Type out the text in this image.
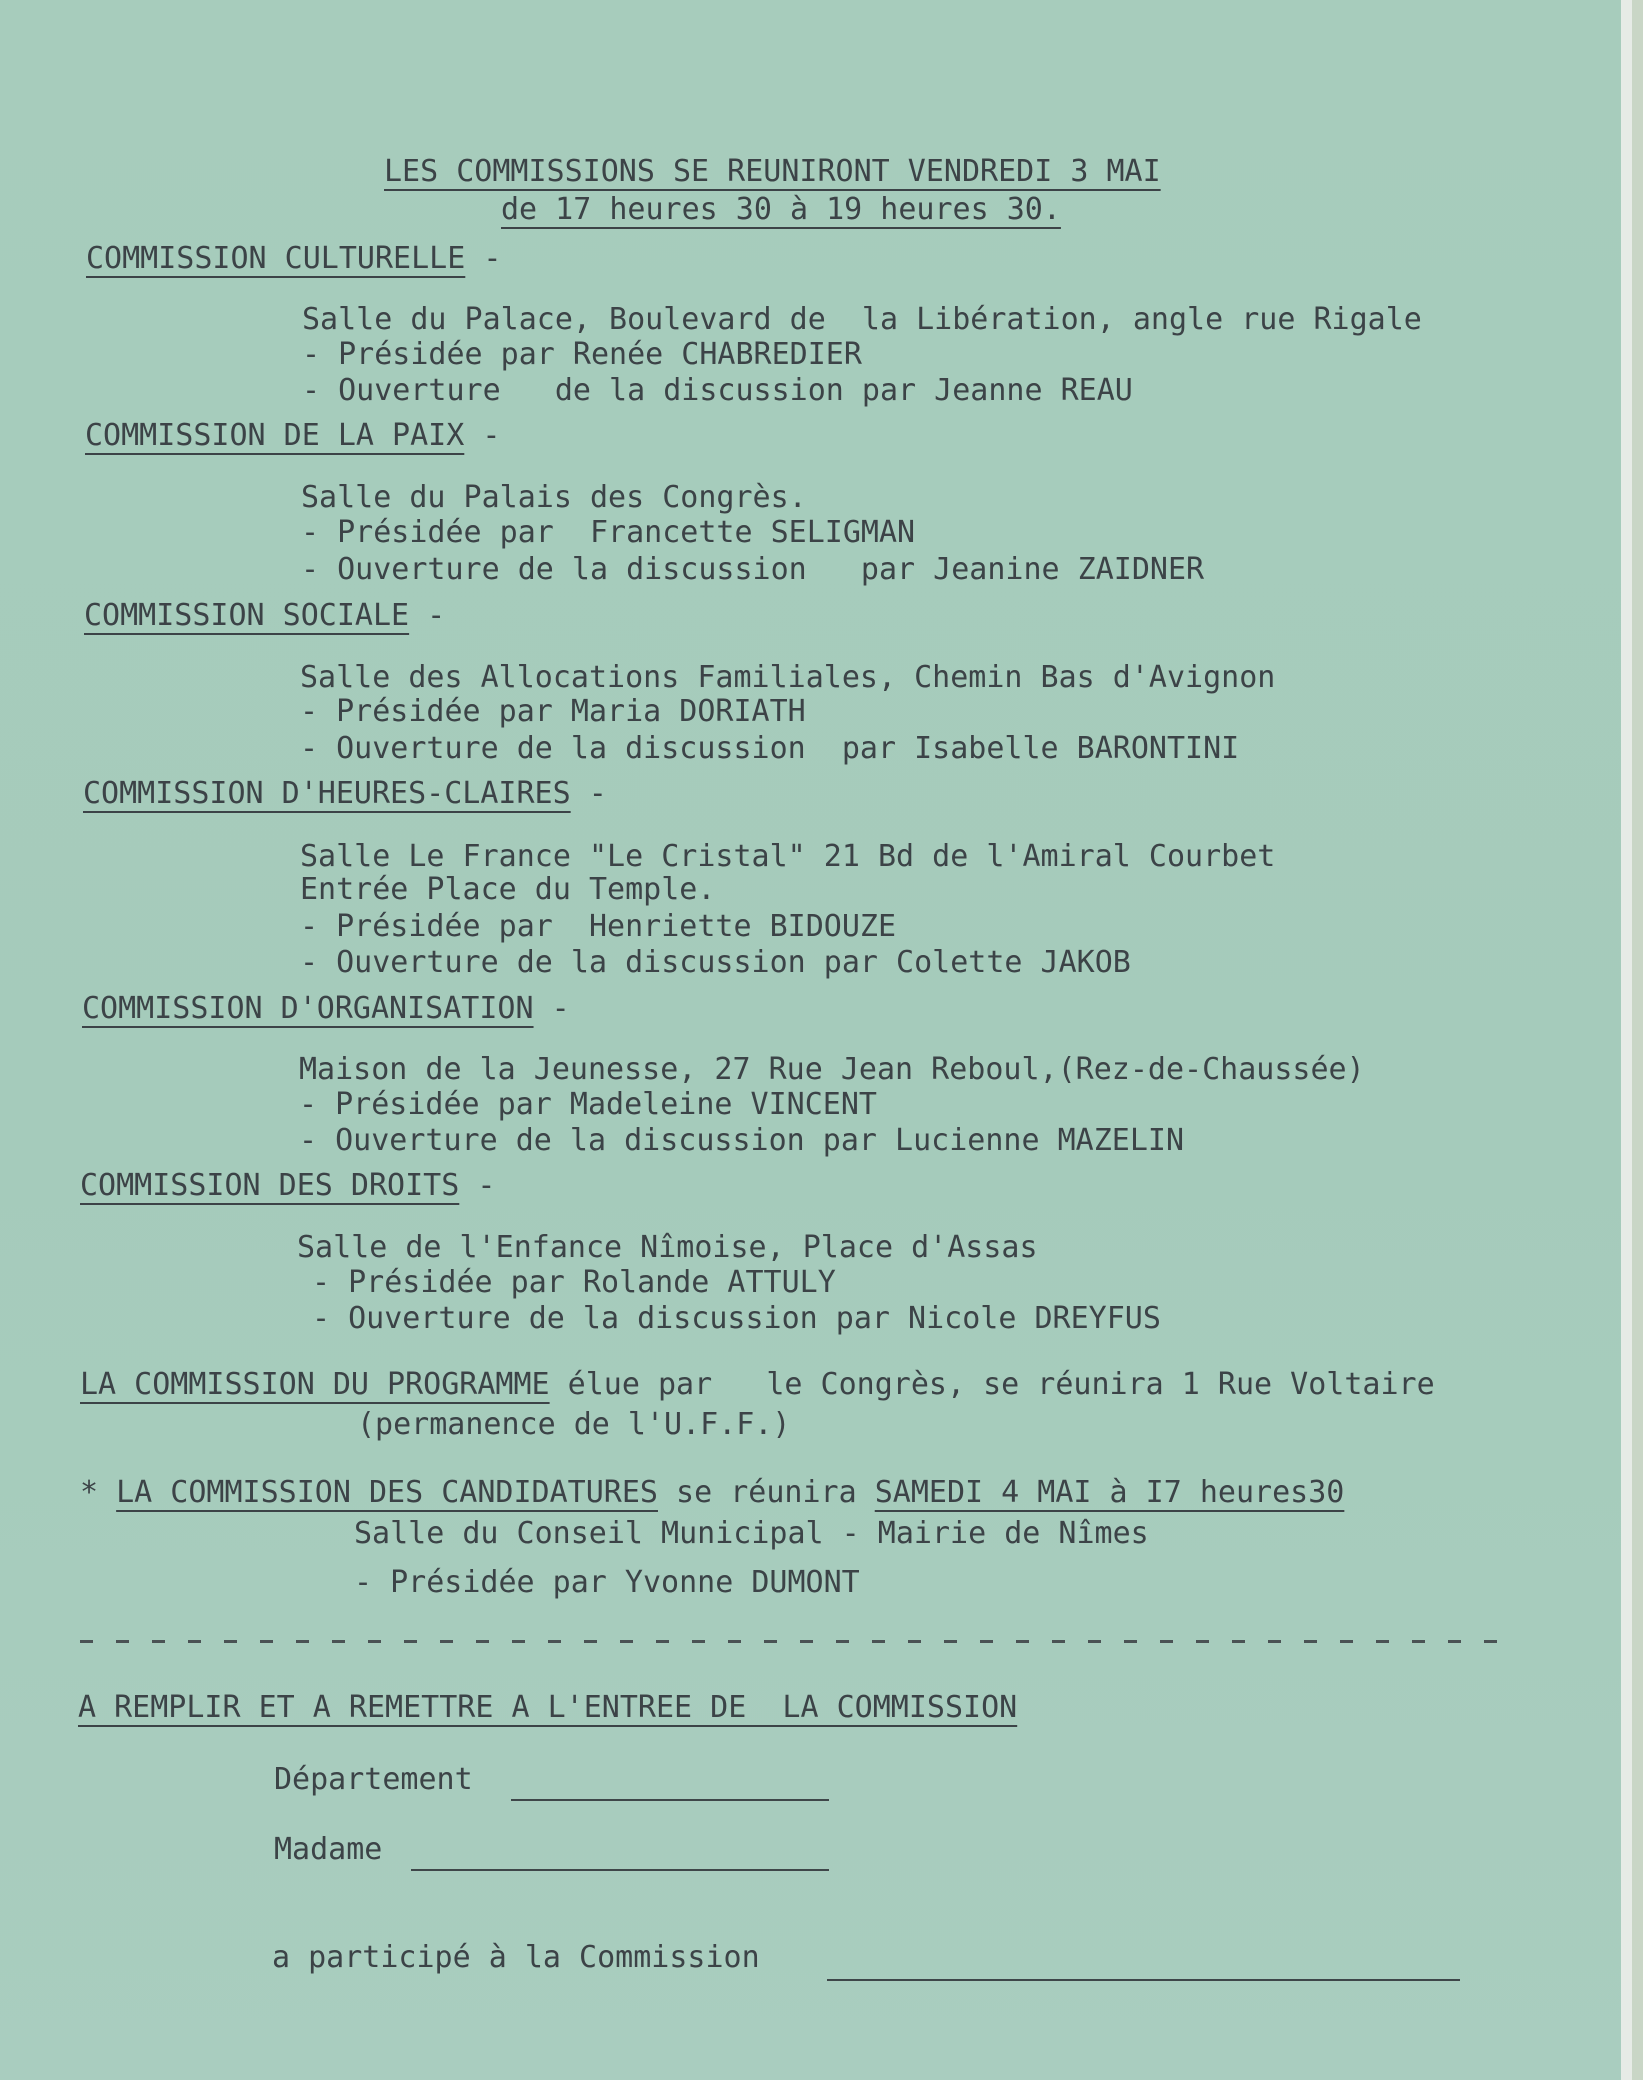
LES COMMISSIONS SE REUNIRONT VENDREDI 3 MAI
de 17 heures 30 à 19 heures 30.
COMMISSION CULTURELLE -
Salle du Palace, Boulevard de  la Libération, angle rue Rigale
- Présidée par Renée CHABREDIER
- Ouverture   de la discussion par Jeanne REAU
COMMISSION DE LA PAIX -
Salle du Palais des Congrès.
- Présidée par  Francette SELIGMAN
- Ouverture de la discussion   par Jeanine ZAIDNER
COMMISSION SOCIALE -
Salle des Allocations Familiales, Chemin Bas d'Avignon
- Présidée par Maria DORIATH
- Ouverture de la discussion  par Isabelle BARONTINI
COMMISSION D'HEURES-CLAIRES -
Salle Le France "Le Cristal" 21 Bd de l'Amiral Courbet
Entrée Place du Temple.
- Présidée par  Henriette BIDOUZE
- Ouverture de la discussion par Colette JAKOB
COMMISSION D'ORGANISATION -
Maison de la Jeunesse, 27 Rue Jean Reboul,(Rez-de-Chaussée)
- Présidée par Madeleine VINCENT
- Ouverture de la discussion par Lucienne MAZELIN
COMMISSION DES DROITS -
Salle de l'Enfance Nîmoise, Place d'Assas
- Présidée par Rolande ATTULY
- Ouverture de la discussion par Nicole DREYFUS
LA COMMISSION DU PROGRAMME élue par   le Congrès, se réunira 1 Rue Voltaire
(permanence de l'U.F.F.)
* LA COMMISSION DES CANDIDATURES se réunira SAMEDI 4 MAI à I7 heures30
Salle du Conseil Municipal - Mairie de Nîmes
- Présidée par Yvonne DUMONT
A REMPLIR ET A REMETTRE A L'ENTREE DE  LA COMMISSION
Département
Madame
a participé à la Commission
